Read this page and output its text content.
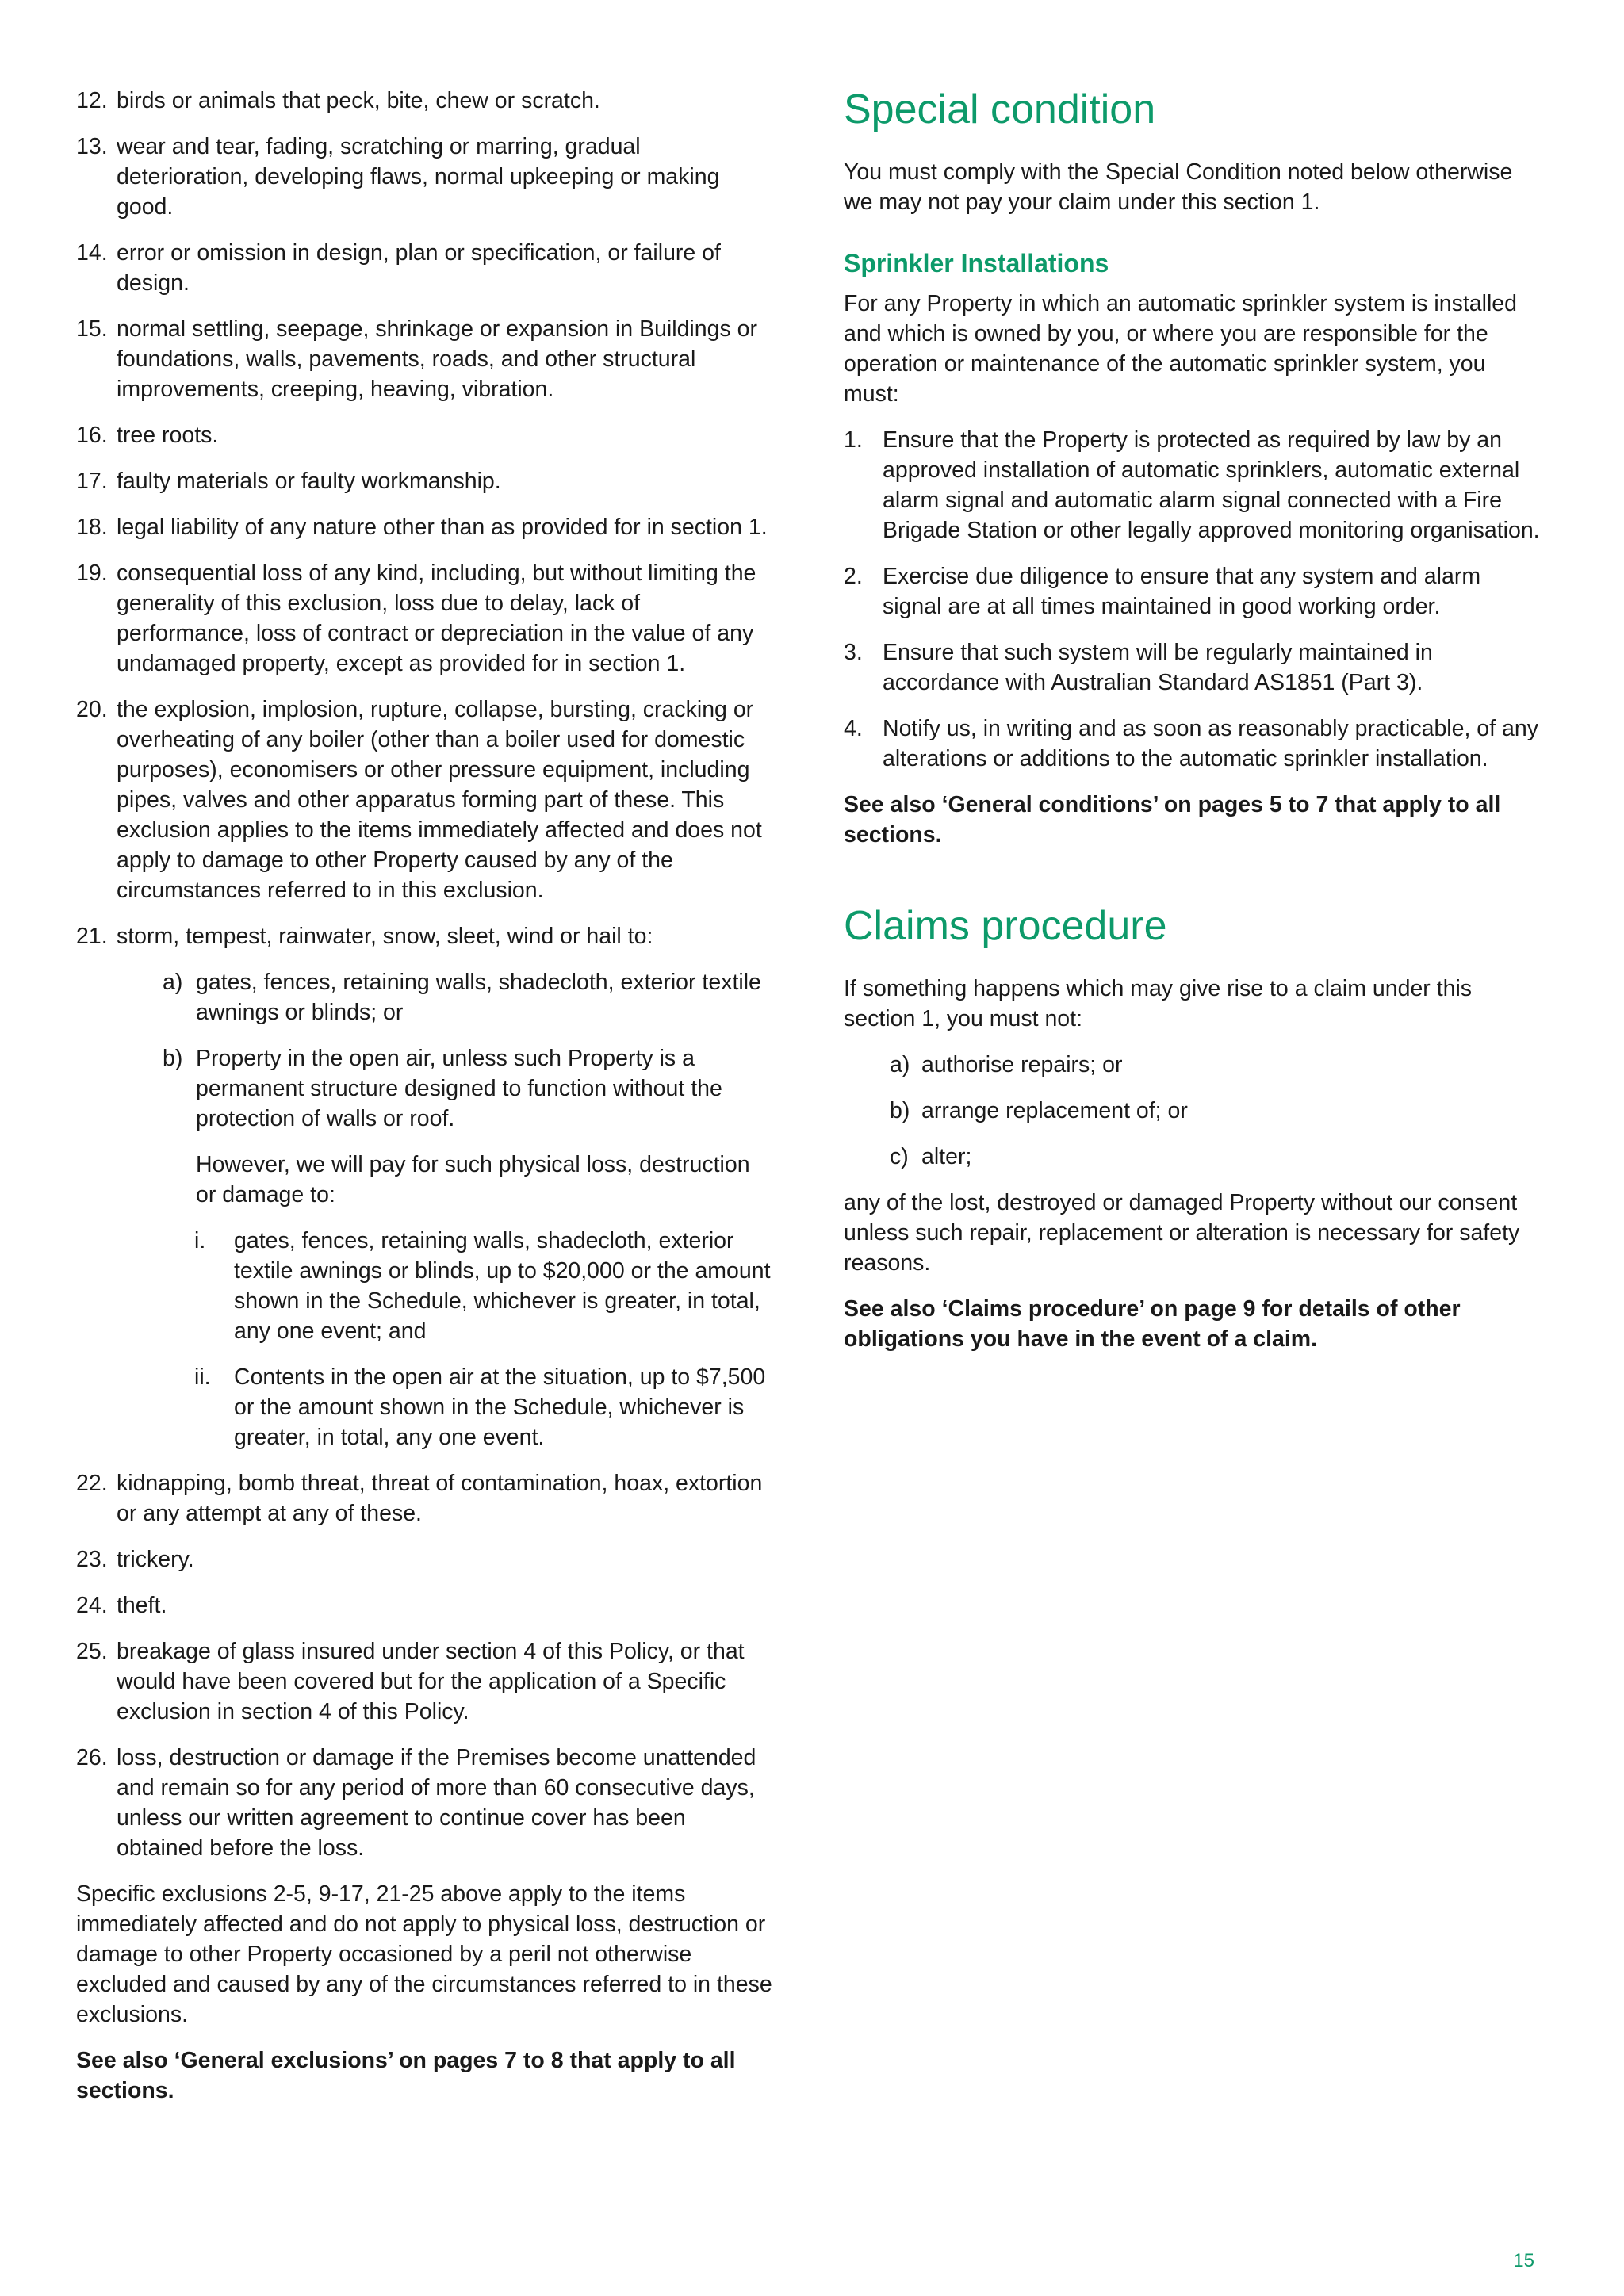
12. birds or animals that peck, bite, chew or scratch.
13. wear and tear, fading, scratching or marring, gradual deterioration, developing flaws, normal upkeeping or making good.
14. error or omission in design, plan or specification, or failure of design.
15. normal settling, seepage, shrinkage or expansion in Buildings or foundations, walls, pavements, roads, and other structural improvements, creeping, heaving, vibration.
16. tree roots.
17. faulty materials or faulty workmanship.
18. legal liability of any nature other than as provided for in section 1.
19. consequential loss of any kind, including, but without limiting the generality of this exclusion, loss due to delay, lack of performance, loss of contract or depreciation in the value of any undamaged property, except as provided for in section 1.
20. the explosion, implosion, rupture, collapse, bursting, cracking or overheating of any boiler (other than a boiler used for domestic purposes), economisers or other pressure equipment, including pipes, valves and other apparatus forming part of these. This exclusion applies to the items immediately affected and does not apply to damage to other Property caused by any of the circumstances referred to in this exclusion.
21. storm, tempest, rainwater, snow, sleet, wind or hail to:
a) gates, fences, retaining walls, shadecloth, exterior textile awnings or blinds; or
b) Property in the open air, unless such Property is a permanent structure designed to function without the protection of walls or roof.
However, we will pay for such physical loss, destruction or damage to:
i. gates, fences, retaining walls, shadecloth, exterior textile awnings or blinds, up to $20,000 or the amount shown in the Schedule, whichever is greater, in total, any one event; and
ii. Contents in the open air at the situation, up to $7,500 or the amount shown in the Schedule, whichever is greater, in total, any one event.
22. kidnapping, bomb threat, threat of contamination, hoax, extortion or any attempt at any of these.
23. trickery.
24. theft.
25. breakage of glass insured under section 4 of this Policy, or that would have been covered but for the application of a Specific exclusion in section 4 of this Policy.
26. loss, destruction or damage if the Premises become unattended and remain so for any period of more than 60 consecutive days, unless our written agreement to continue cover has been obtained before the loss.

Specific exclusions 2-5, 9-17, 21-25 above apply to the items immediately affected and do not apply to physical loss, destruction or damage to other Property occasioned by a peril not otherwise excluded and caused by any of the circumstances referred to in these exclusions.

See also ‘General exclusions’ on pages 7 to 8 that apply to all sections.

Special condition

You must comply with the Special Condition noted below otherwise we may not pay your claim under this section 1.

Sprinkler Installations

For any Property in which an automatic sprinkler system is installed and which is owned by you, or where you are responsible for the operation or maintenance of the automatic sprinkler system, you must:

1. Ensure that the Property is protected as required by law by an approved installation of automatic sprinklers, automatic external alarm signal and automatic alarm signal connected with a Fire Brigade Station or other legally approved monitoring organisation.
2. Exercise due diligence to ensure that any system and alarm signal are at all times maintained in good working order.
3. Ensure that such system will be regularly maintained in accordance with Australian Standard AS1851 (Part 3).
4. Notify us, in writing and as soon as reasonably practicable, of any alterations or additions to the automatic sprinkler installation.

See also ‘General conditions’ on pages 5 to 7 that apply to all sections.

Claims procedure

If something happens which may give rise to a claim under this section 1, you must not:

a) authorise repairs; or
b) arrange replacement of; or
c) alter;

any of the lost, destroyed or damaged Property without our consent unless such repair, replacement or alteration is necessary for safety reasons.

See also ‘Claims procedure’ on page 9 for details of other obligations you have in the event of a claim.

15
